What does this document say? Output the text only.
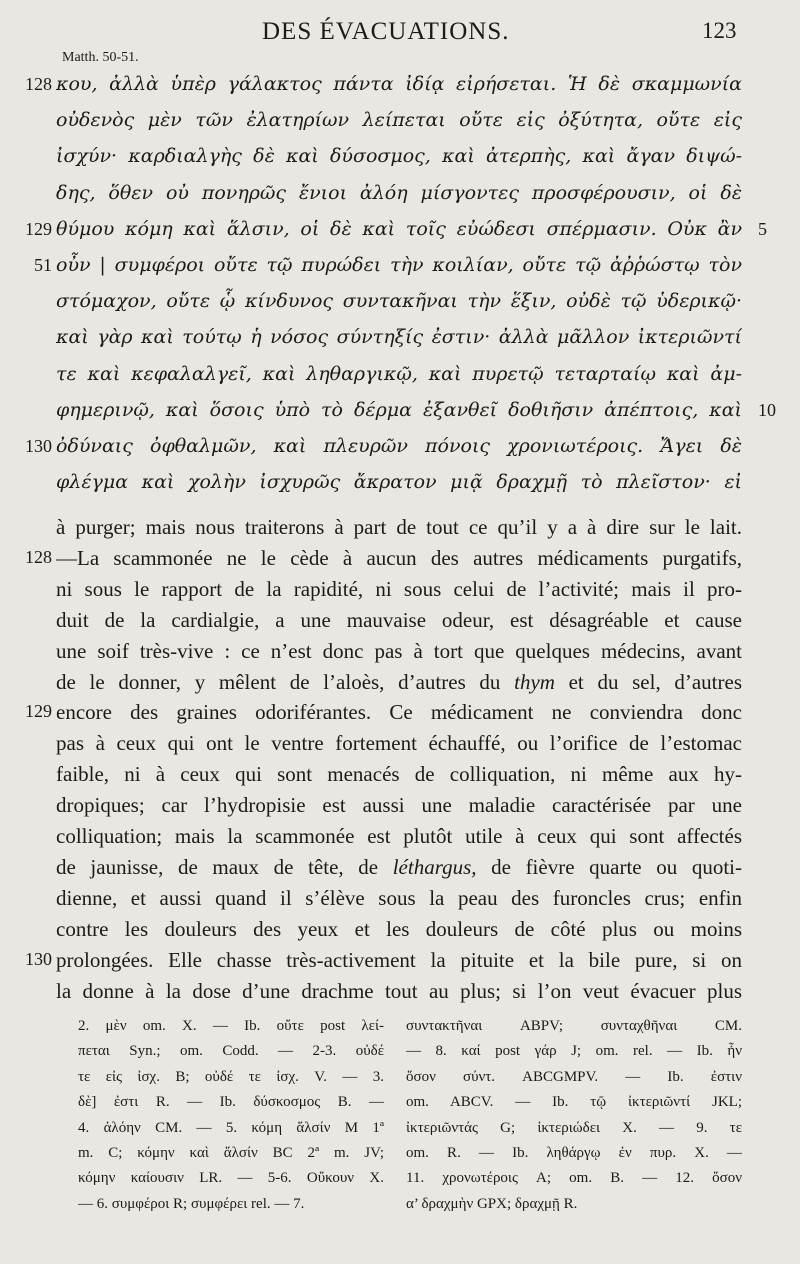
DES ÉVACUATIONS.	123
Matth. 50-51.
κου, ἀλλὰ ὑπὲρ γάλακτος πάντα ἰδίᾳ εἰρήσεται. Ἡ δὲ σκαμμωνία
οὐδενὸς μὲν τῶν ἐλατηρίων λείπεται οὔτε εἰς ὀξύτητα, οὔτε εἰς
ἰσχύν· καρδιαλγὴς δὲ καὶ δύσοσμος, καὶ ἀτερπὴς, καὶ ἄγαν διψώ-
δης, ὅθεν οὐ πονηρῶς ἔνιοι ἀλόη μίσγοντες προσφέρουσιν, οἱ δὲ
θύμου κόμη καὶ ἅλσιν, οἱ δὲ καὶ τοῖς εὐώδεσι σπέρμασιν. Οὐκ ἂν
οὖν | συμφέροι οὔτε τῷ πυρώδει τὴν κοιλίαν, οὔτε τῷ ἀῤῥώστῳ τὸν
στόμαχον, οὔτε ᾧ κίνδυνος συντακῆναι τὴν ἕξιν, οὐδὲ τῷ ὑδερικῷ·
καὶ γὰρ καὶ τούτῳ ἡ νόσος σύντηξίς ἐστιν· ἀλλὰ μᾶλλον ἰκτεριῶντί
τε καὶ κεφαλαλγεῖ, καὶ ληθαργικῷ, καὶ πυρετῷ τεταρταίῳ καὶ ἀμ-
φημερινῷ, καὶ ὅσοις ὑπὸ τὸ δέρμα ἐξανθεῖ δοθιῆσιν ἀπέπτοις, καὶ
ὀδύναις ὀφθαλμῶν, καὶ πλευρῶν πόνοις χρονιωτέροις. Ἄγει δὲ
φλέγμα καὶ χολὴν ἰσχυρῶς ἄκρατον μιᾷ δραχμῇ τὸ πλεῖστον· εἰ
128
129
51
130
5
10
à purger; mais nous traiterons à part de tout ce qu’il y a à dire sur le lait.
—La scammonée ne le cède à aucun des autres médicaments purgatifs,
ni sous le rapport de la rapidité, ni sous celui de l’activité; mais il pro-
duit de la cardialgie, a une mauvaise odeur, est désagréable et cause
une soif très-vive : ce n’est donc pas à tort que quelques médecins, avant
de le donner, y mêlent de l’aloès, d’autres du thym et du sel, d’autres
encore des graines odoriférantes. Ce médicament ne conviendra donc
pas à ceux qui ont le ventre fortement échauffé, ou l’orifice de l’estomac
faible, ni à ceux qui sont menacés de colliquation, ni même aux hy-
dropiques; car l’hydropisie est aussi une maladie caractérisée par une
colliquation; mais la scammonée est plutôt utile à ceux qui sont affectés
de jaunisse, de maux de tête, de léthargus, de fièvre quarte ou quoti-
dienne, et aussi quand il s’élève sous la peau des furoncles crus; enfin
contre les douleurs des yeux et les douleurs de côté plus ou moins
prolongées. Elle chasse très-activement la pituite et la bile pure, si on
la donne à la dose d’une drachme tout au plus; si l’on veut évacuer plus
128
129
130
2. μὲν om. X. — Ib. οὔτε post λεί-
πεται Syn.; om. Codd. — 2-3. οὐδέ
τε εἰς ἰσχ. B; οὐδέ τε ἰσχ. V. — 3.
δὲ] ἐστι R. — Ib. δύσκοσμος B. —
4. ἀλόην CM. — 5. κόμη ἅλσίν M 1ª
m. C; κόμην καὶ ἅλσίν BC 2ª m. JV;
κόμην καίουσιν LR. — 5-6. Οὔκουν X.
— 6. συμφέροι R; συμφέρει rel. — 7.
συντακτῆναι ABPV; συνταχθῆναι CM.
— 8. καί post γάρ J; om. rel. — Ib. ἦν
ὅσον σύντ. ABCGMPV. — Ib. ἐστιν
om. ABCV. — Ib. τῷ ἰκτεριῶντί JKL;
ἰκτεριῶντάς G; ἰκτεριώδει X. — 9. τε
om. R. — Ib. ληθάργῳ ἐν πυρ. X. —
11. χρονωτέροις A; om. B. — 12. ὅσον
α’ δραχμὴν GPX; δραχμῇ R.
